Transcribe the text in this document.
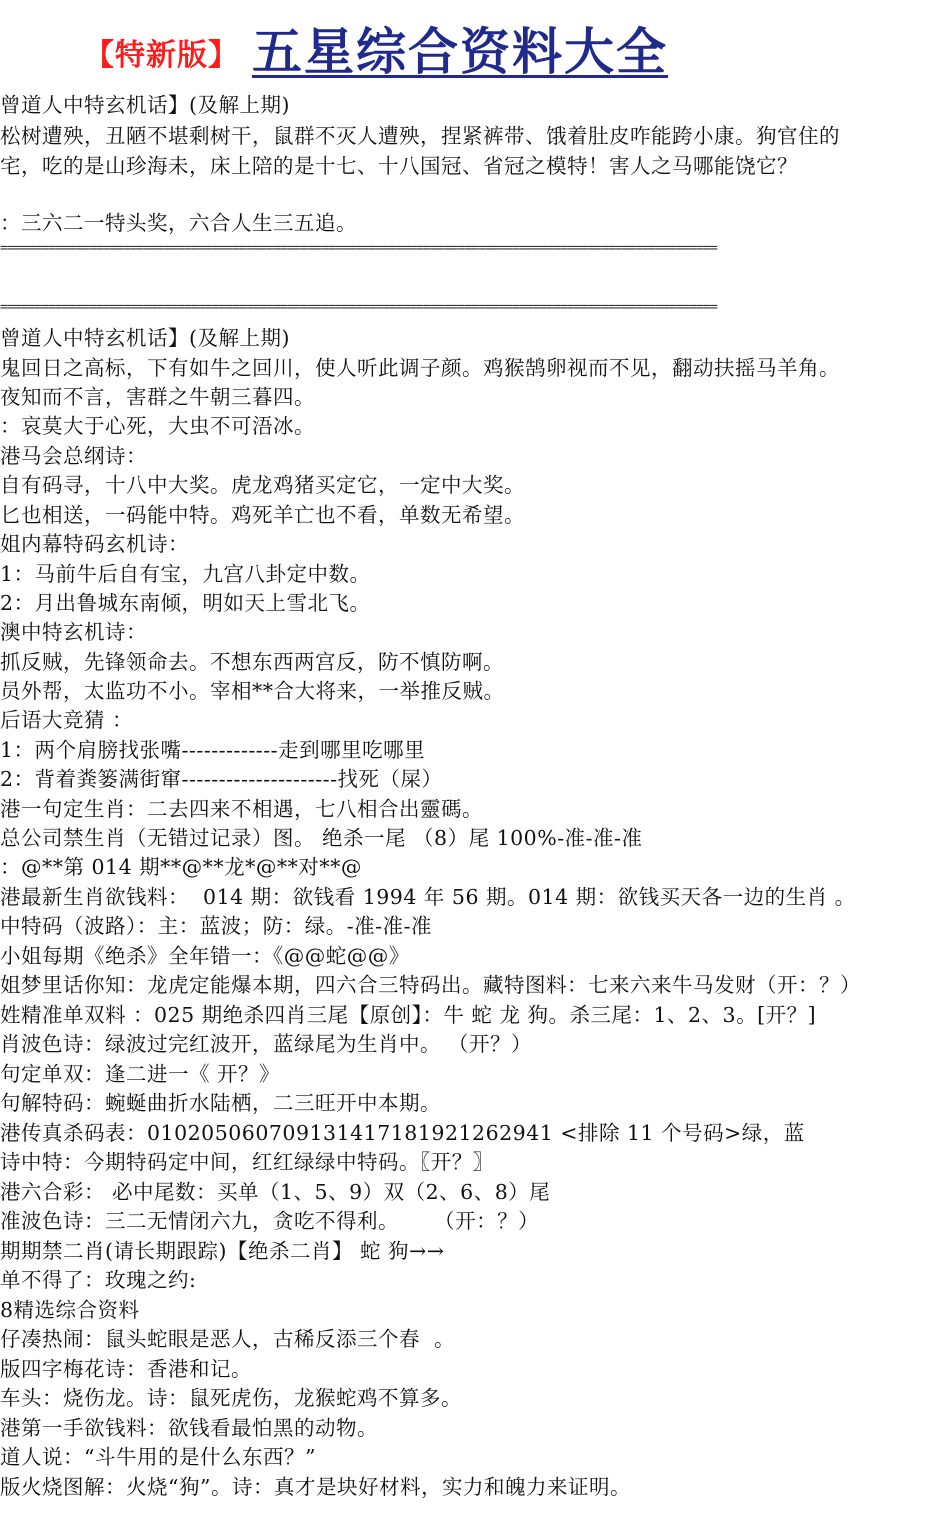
【特新版】 五星综合资料大全
曾道人中特玄机话】(及解上期)
松树遭殃，丑陋不堪剩树干，鼠群不灭人遭殃，捏紧裤带、饿着肚皮咋能跨小康。狗官住的
宅，吃的是山珍海未，床上陪的是十七、十八国冠、省冠之模特！害人之马哪能饶它？
：三六二一特头奖，六合人生三五追。
=========================================================================================================

=========================================================================================================
曾道人中特玄机话】(及解上期)
鬼回日之高标，下有如牛之回川，使人听此调子颜。鸡猴鹄卵视而不见，翻动扶摇马羊角。
夜知而不言，害群之牛朝三暮四。
：哀莫大于心死，大虫不可浯冰。
港马会总纲诗：
自有码寻，十八中大奖。虎龙鸡猪买定它，一定中大奖。
匕也相送，一码能中特。鸡死羊亡也不看，单数无希望。
姐内幕特码玄机诗：
1：马前牛后自有宝，九宫八卦定中数。
2：月出鲁城东南倾，明如天上雪北飞。
澳中特玄机诗：
抓反贼，先锋领命去。不想东西两宫反，防不慎防啊。
员外帮，太监功不小。宰相**合大将来，一举推反贼。
后语大竞猜 ：
1：两个肩膀找张嘴-------------走到哪里吃哪里
2：背着粪篓满街窜---------------------找死（屎）
港一句定生肖：二去四来不相遇，七八相合出靈碼。
总公司禁生肖（无错过记录）图。 绝杀一尾 （8）尾 100%-准-准-准
：@**第 014 期**@**龙*@**对**@
港最新生肖欲钱料：  014 期：欲钱看 1994 年 56 期。014 期：欲钱买天各一边的生肖 。
中特码（波路）：主：蓝波；防：绿。-准-准-准
小姐每期《绝杀》全年错一：《@@蛇@@》
姐梦里话你知：龙虎定能爆本期，四六合三特码出。藏特图料：七来六来牛马发财（开：？）
姓精准单双料 ：025 期绝杀四肖三尾【原创】：牛 蛇 龙 狗。杀三尾：1、2、3。[开？]
肖波色诗：绿波过完红波开，蓝绿尾为生肖中。 （开？）
句定单双：逢二进一《 开？》
句解特码：蜿蜒曲折水陆栖，二三旺开中本期。
港传真杀码表：01020506070913141718192126​2941 <排除 11 个号码>绿，蓝
诗中特：今期特码定中间，红红绿绿中特码。〖开？〗
港六合彩： 必中尾数：买单（1、5、9）双（2、6、8）尾
准波色诗：三二无情闭六九，贪吃不得利。     （开：？）
期期禁二肖(请长期跟踪)【绝杀二肖】 蛇 狗→→
单不得了：玫瑰之约:
8精选综合资料
仔凑热闹：鼠头蛇眼是恶人，古稀反添三个春  。
版四字梅花诗：香港和记。
车头：烧伤龙。诗：鼠死虎伤，龙猴蛇鸡不算多。
港第一手欲钱料：欲钱看最怕黑的动物。
道人说：“斗牛用的是什么东西？”
版火烧图解：火烧“狗”。诗：真才是块好材料，实力和魄力来证明。
